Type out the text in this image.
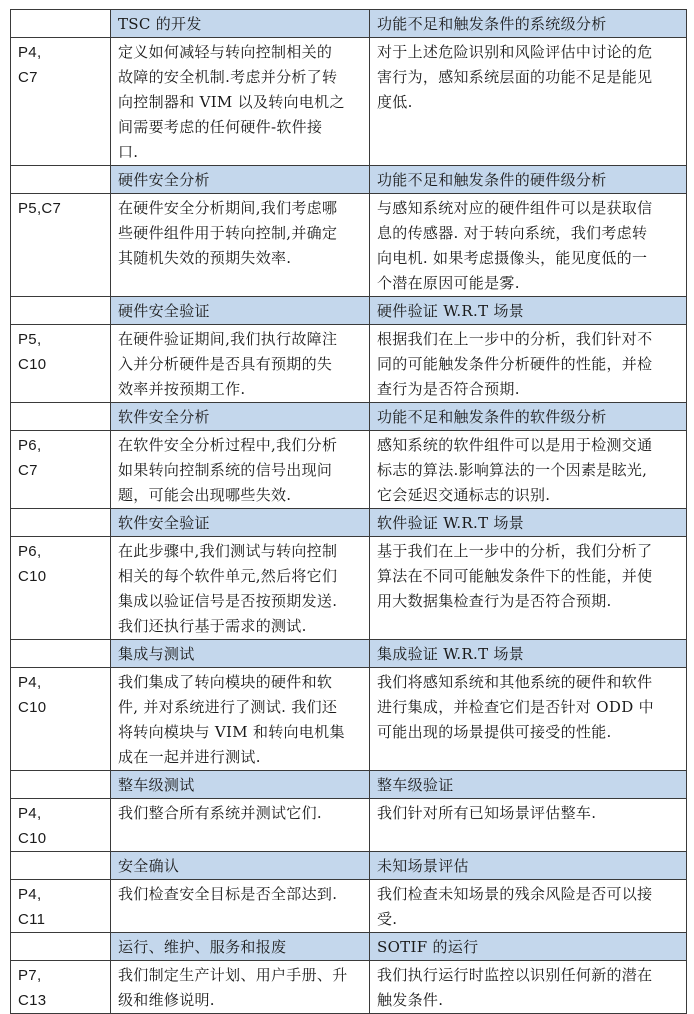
	TSC 的开发	功能不足和触发条件的系统级分析

P4,
C7	定义如何减轻与转向控制相关的
故障的安全机制.考虑并分析了转
向控制器和 VIM 以及转向电机之
间需要考虑的任何硬件-软件接
口.	对于上述危险识别和风险评估中讨论的危
害行为，感知系统层面的功能不足是能见
度低.

	硬件安全分析	功能不足和触发条件的硬件级分析

P5,C7	在硬件安全分析期间,我们考虑哪
些硬件组件用于转向控制,并确定
其随机失效的预期失效率.	与感知系统对应的硬件组件可以是获取信
息的传感器. 对于转向系统，我们考虑转
向电机. 如果考虑摄像头，能见度低的一
个潜在原因可能是雾.

	硬件安全验证	硬件验证 W.R.T 场景

P5,
C10	在硬件验证期间,我们执行故障注
入并分析硬件是否具有预期的失
效率并按预期工作.	根据我们在上一步中的分析，我们针对不
同的可能触发条件分析硬件的性能，并检
查行为是否符合预期.

	软件安全分析	功能不足和触发条件的软件级分析

P6,
C7	在软件安全分析过程中,我们分析
如果转向控制系统的信号出现问
题，可能会出现哪些失效.	感知系统的软件组件可以是用于检测交通
标志的算法.影响算法的一个因素是眩光,
它会延迟交通标志的识别.

	软件安全验证	软件验证 W.R.T 场景

P6,
C10	在此步骤中,我们测试与转向控制
相关的每个软件单元,然后将它们
集成以验证信号是否按预期发送.
我们还执行基于需求的测试.	基于我们在上一步中的分析，我们分析了
算法在不同可能触发条件下的性能，并使
用大数据集检查行为是否符合预期.

	集成与测试	集成验证 W.R.T 场景

P4,
C10	我们集成了转向模块的硬件和软
件, 并对系统进行了测试. 我们还
将转向模块与 VIM 和转向电机集
成在一起并进行测试.	我们将感知系统和其他系统的硬件和软件
进行集成，并检查它们是否针对 ODD 中
可能出现的场景提供可接受的性能.

	整车级测试	整车级验证

P4,
C10	我们整合所有系统并测试它们.	我们针对所有已知场景评估整车.

	安全确认	未知场景评估

P4,
C11	我们检查安全目标是否全部达到.	我们检查未知场景的残余风险是否可以接
受.

	运行、维护、服务和报废	SOTIF 的运行

P7,
C13	我们制定生产计划、用户手册、升
级和维修说明.	我们执行运行时监控以识别任何新的潜在
触发条件.
